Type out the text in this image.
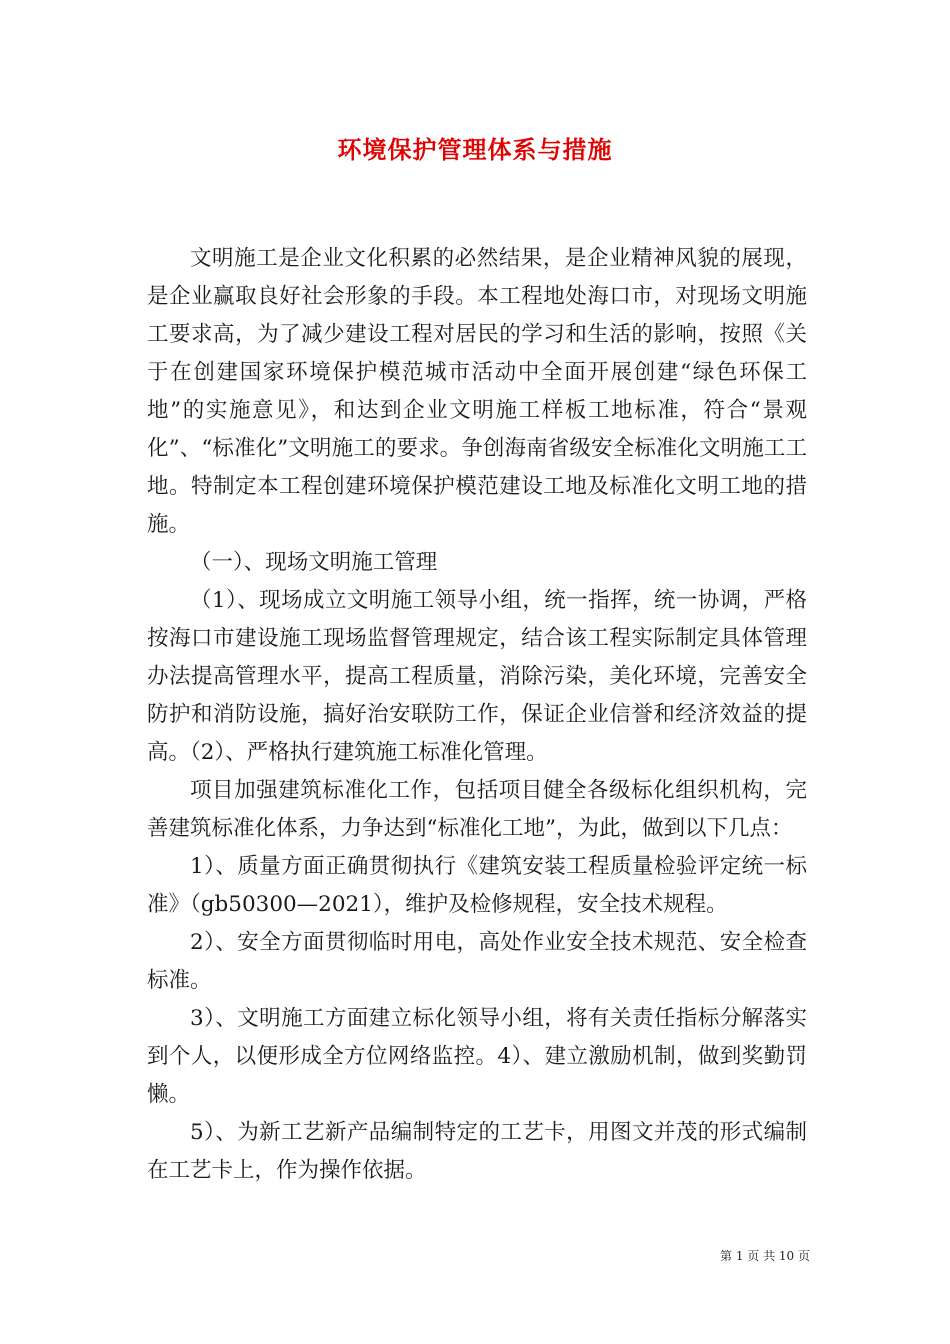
环境保护管理体系与措施

文明施工是企业文化积累的必然结果，是企业精神风貌的展现，是企业赢取良好社会形象的手段。本工程地处海口市，对现场文明施工要求高，为了减少建设工程对居民的学习和生活的影响，按照《关于在创建国家环境保护模范城市活动中全面开展创建“绿色环保工地”的实施意见》，和达到企业文明施工样板工地标准，符合“景观化”、“标准化”文明施工的要求。争创海南省级安全标准化文明施工工地。特制定本工程创建环境保护模范建设工地及标准化文明工地的措施。

（一）、现场文明施工管理

（1）、现场成立文明施工领导小组，统一指挥，统一协调，严格按海口市建设施工现场监督管理规定，结合该工程实际制定具体管理办法提高管理水平，提高工程质量，消除污染，美化环境，完善安全防护和消防设施，搞好治安联防工作，保证企业信誉和经济效益的提高。（2）、严格执行建筑施工标准化管理。

项目加强建筑标准化工作，包括项目健全各级标化组织机构，完善建筑标准化体系，力争达到“标准化工地”，为此，做到以下几点：

1）、质量方面正确贯彻执行《建筑安装工程质量检验评定统一标准》（gb50300—2021），维护及检修规程，安全技术规程。

2）、安全方面贯彻临时用电，高处作业安全技术规范、安全检查标准。

3）、文明施工方面建立标化领导小组，将有关责任指标分解落实到个人，以便形成全方位网络监控。4）、建立激励机制，做到奖勤罚懒。

5）、为新工艺新产品编制特定的工艺卡，用图文并茂的形式编制在工艺卡上，作为操作依据。

第 1 页 共 10 页
